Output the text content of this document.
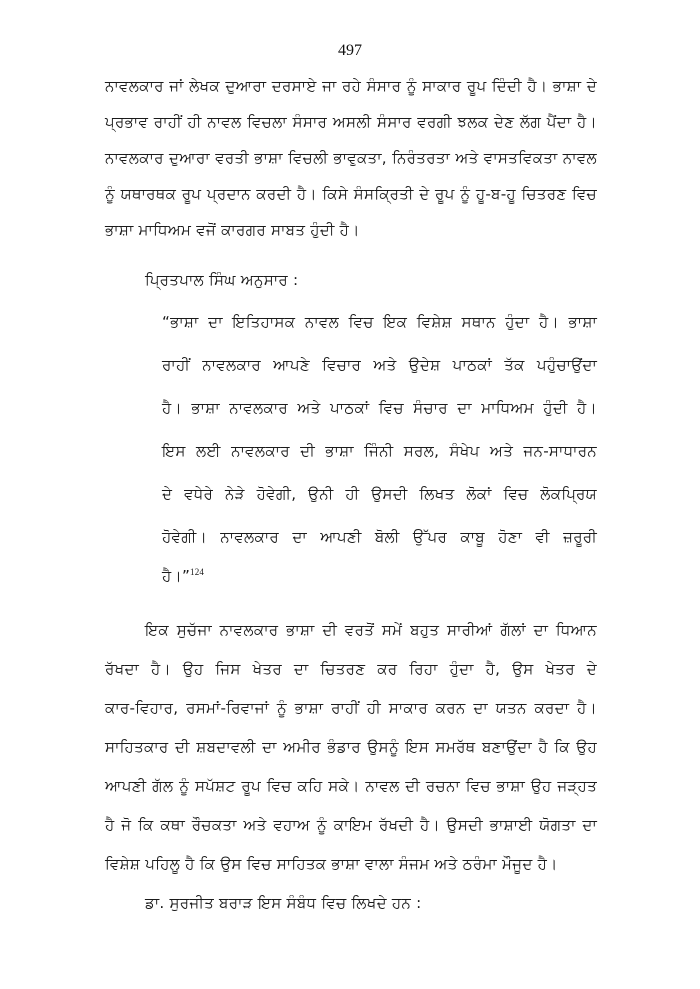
497
ਨਾਵਲਕਾਰ ਜਾਂ ਲੇਖਕ ਦੁਆਰਾ ਦਰਸਾਏ ਜਾ ਰਹੇ ਸੰਸਾਰ ਨੂੰ ਸਾਕਾਰ ਰੂਪ ਦਿੰਦੀ ਹੈ। ਭਾਸ਼ਾ ਦੇ
ਪ੍ਰਭਾਵ ਰਾਹੀਂ ਹੀ ਨਾਵਲ ਵਿਚਲਾ ਸੰਸਾਰ ਅਸਲੀ ਸੰਸਾਰ ਵਰਗੀ ਝਲਕ ਦੇਣ ਲੱਗ ਪੈਂਦਾ ਹੈ।
ਨਾਵਲਕਾਰ ਦੁਆਰਾ ਵਰਤੀ ਭਾਸ਼ਾ ਵਿਚਲੀ ਭਾਵੁਕਤਾ, ਨਿਰੰਤਰਤਾ ਅਤੇ ਵਾਸਤਵਿਕਤਾ ਨਾਵਲ
ਨੂੰ ਯਥਾਰਥਕ ਰੂਪ ਪ੍ਰਦਾਨ ਕਰਦੀ ਹੈ। ਕਿਸੇ ਸੰਸਕ੍ਰਿਤੀ ਦੇ ਰੂਪ ਨੂੰ ਹੂ-ਬ-ਹੂ ਚਿਤਰਣ ਵਿਚ
ਭਾਸ਼ਾ ਮਾਧਿਅਮ ਵਜੋਂ ਕਾਰਗਰ ਸਾਬਤ ਹੁੰਦੀ ਹੈ।
ਪ੍ਰਿਤਪਾਲ ਸਿੰਘ ਅਨੁਸਾਰ :
“ਭਾਸ਼ਾ ਦਾ ਇਤਿਹਾਸਕ ਨਾਵਲ ਵਿਚ ਇਕ ਵਿਸ਼ੇਸ਼ ਸਥਾਨ ਹੁੰਦਾ ਹੈ। ਭਾਸ਼ਾ
ਰਾਹੀਂ ਨਾਵਲਕਾਰ ਆਪਣੇ ਵਿਚਾਰ ਅਤੇ ਉਦੇਸ਼ ਪਾਠਕਾਂ ਤੱਕ ਪਹੁੰਚਾਉਂਦਾ
ਹੈ। ਭਾਸ਼ਾ ਨਾਵਲਕਾਰ ਅਤੇ ਪਾਠਕਾਂ ਵਿਚ ਸੰਚਾਰ ਦਾ ਮਾਧਿਅਮ ਹੁੰਦੀ ਹੈ।
ਇਸ ਲਈ ਨਾਵਲਕਾਰ ਦੀ ਭਾਸ਼ਾ ਜਿੰਨੀ ਸਰਲ, ਸੰਖੇਪ ਅਤੇ ਜਨ-ਸਾਧਾਰਨ
ਦੇ ਵਧੇਰੇ ਨੇੜੇ ਹੋਵੇਗੀ, ਉਨੀ ਹੀ ਉਸਦੀ ਲਿਖਤ ਲੋਕਾਂ ਵਿਚ ਲੋਕਪ੍ਰਿਯ
ਹੋਵੇਗੀ। ਨਾਵਲਕਾਰ ਦਾ ਆਪਣੀ ਬੋਲੀ ਉੱਪਰ ਕਾਬੂ ਹੋਣਾ ਵੀ ਜ਼ਰੂਰੀ
ਹੈ।”$^{124}$
ਇਕ ਸੁਚੱਜਾ ਨਾਵਲਕਾਰ ਭਾਸ਼ਾ ਦੀ ਵਰਤੋਂ ਸਮੇਂ ਬਹੁਤ ਸਾਰੀਆਂ ਗੱਲਾਂ ਦਾ ਧਿਆਨ
ਰੱਖਦਾ ਹੈ। ਉਹ ਜਿਸ ਖੇਤਰ ਦਾ ਚਿਤਰਣ ਕਰ ਰਿਹਾ ਹੁੰਦਾ ਹੈ, ਉਸ ਖੇਤਰ ਦੇ
ਕਾਰ-ਵਿਹਾਰ, ਰਸਮਾਂ-ਰਿਵਾਜਾਂ ਨੂੰ ਭਾਸ਼ਾ ਰਾਹੀਂ ਹੀ ਸਾਕਾਰ ਕਰਨ ਦਾ ਯਤਨ ਕਰਦਾ ਹੈ।
ਸਾਹਿਤਕਾਰ ਦੀ ਸ਼ਬਦਾਵਲੀ ਦਾ ਅਮੀਰ ਭੰਡਾਰ ਉਸਨੂੰ ਇਸ ਸਮਰੱਥ ਬਣਾਉਂਦਾ ਹੈ ਕਿ ਉਹ
ਆਪਣੀ ਗੱਲ ਨੂੰ ਸਪੱਸ਼ਟ ਰੂਪ ਵਿਚ ਕਹਿ ਸਕੇ। ਨਾਵਲ ਦੀ ਰਚਨਾ ਵਿਚ ਭਾਸ਼ਾ ਉਹ ਜੜ੍ਹਤ
ਹੈ ਜੋ ਕਿ ਕਥਾ ਰੌਚਕਤਾ ਅਤੇ ਵਹਾਅ ਨੂੰ ਕਾਇਮ ਰੱਖਦੀ ਹੈ। ਉਸਦੀ ਭਾਸ਼ਾਈ ਯੋਗਤਾ ਦਾ
ਵਿਸ਼ੇਸ਼ ਪਹਿਲੂ ਹੈ ਕਿ ਉਸ ਵਿਚ ਸਾਹਿਤਕ ਭਾਸ਼ਾ ਵਾਲਾ ਸੰਜਮ ਅਤੇ ਠਰੰਮਾ ਮੌਜੂਦ ਹੈ।
ਡਾ. ਸੁਰਜੀਤ ਬਰਾੜ ਇਸ ਸੰਬੰਧ ਵਿਚ ਲਿਖਦੇ ਹਨ :
